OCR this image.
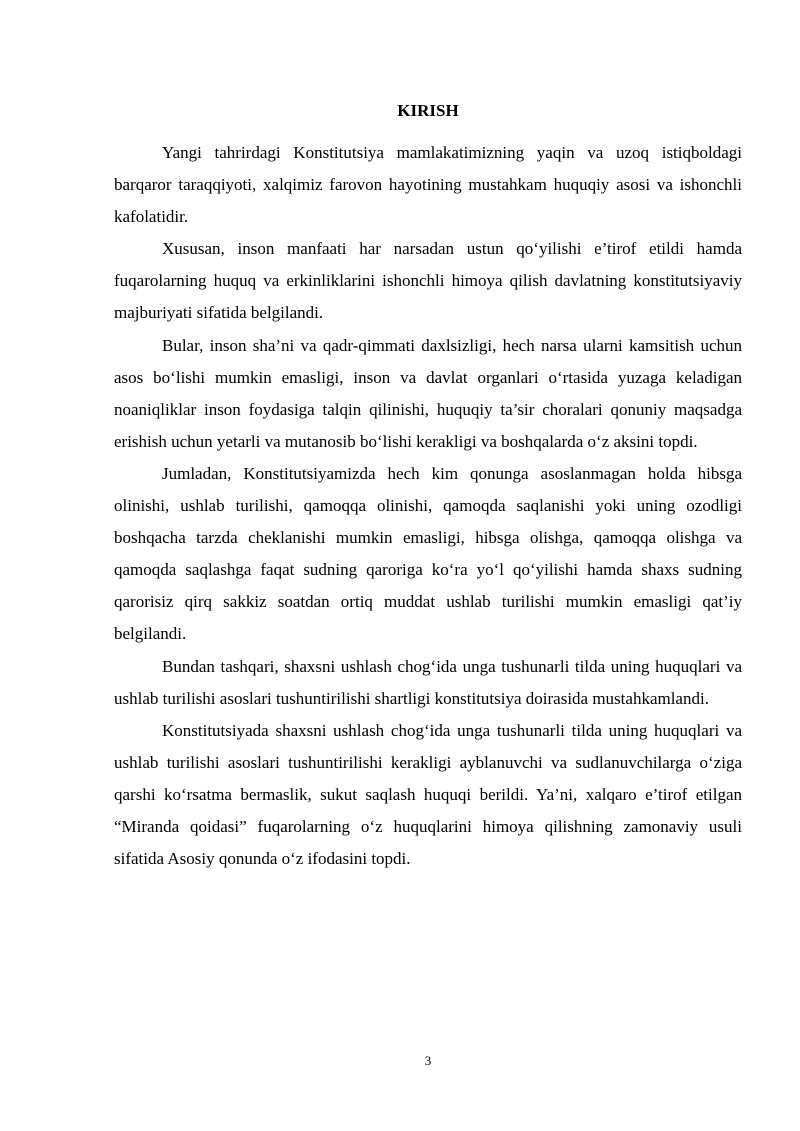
KIRISH

Yangi tahrirdagi Konstitutsiya mamlakatimizning yaqin va uzoq istiqboldagi barqaror taraqqiyoti, xalqimiz farovon hayotining mustahkam huquqiy asosi va ishonchli kafolatidir.

Xususan, inson manfaati har narsadan ustun qo‘yilishi e’tirof etildi hamda fuqarolarning huquq va erkinliklarini ishonchli himoya qilish davlatning konstitutsiyaviy majburiyati sifatida belgilandi.

Bular, inson sha’ni va qadr-qimmati daxlsizligi, hech narsa ularni kamsitish uchun asos bo‘lishi mumkin emasligi, inson va davlat organlari o‘rtasida yuzaga keladigan noaniqliklar inson foydasiga talqin qilinishi, huquqiy ta’sir choralari qonuniy maqsadga erishish uchun yetarli va mutanosib bo‘lishi kerakligi va boshqalarda o‘z aksini topdi.

Jumladan, Konstitutsiyamizda hech kim qonunga asoslanmagan holda hibsga olinishi, ushlab turilishi, qamoqqa olinishi, qamoqda saqlanishi yoki uning ozodligi boshqacha tarzda cheklanishi mumkin emasligi, hibsga olishga, qamoqqa olishga va qamoqda saqlashga faqat sudning qaroriga ko‘ra yo‘l qo‘yilishi hamda shaxs sudning qarorisiz qirq sakkiz soatdan ortiq muddat ushlab turilishi mumkin emasligi qat’iy belgilandi.

Bundan tashqari, shaxsni ushlash chog‘ida unga tushunarli tilda uning huquqlari va ushlab turilishi asoslari tushuntirilishi shartligi konstitutsiya doirasida mustahkamlandi.

Konstitutsiyada shaxsni ushlash chog‘ida unga tushunarli tilda uning huquqlari va ushlab turilishi asoslari tushuntirilishi kerakligi ayblanuvchi va sudlanuvchilarga o‘ziga qarshi ko‘rsatma bermaslik, sukut saqlash huquqi berildi. Ya’ni, xalqaro e’tirof etilgan “Miranda qoidasi” fuqarolarning o‘z huquqlarini himoya qilishning zamonaviy usuli sifatida Asosiy qonunda o‘z ifodasini topdi.

3
